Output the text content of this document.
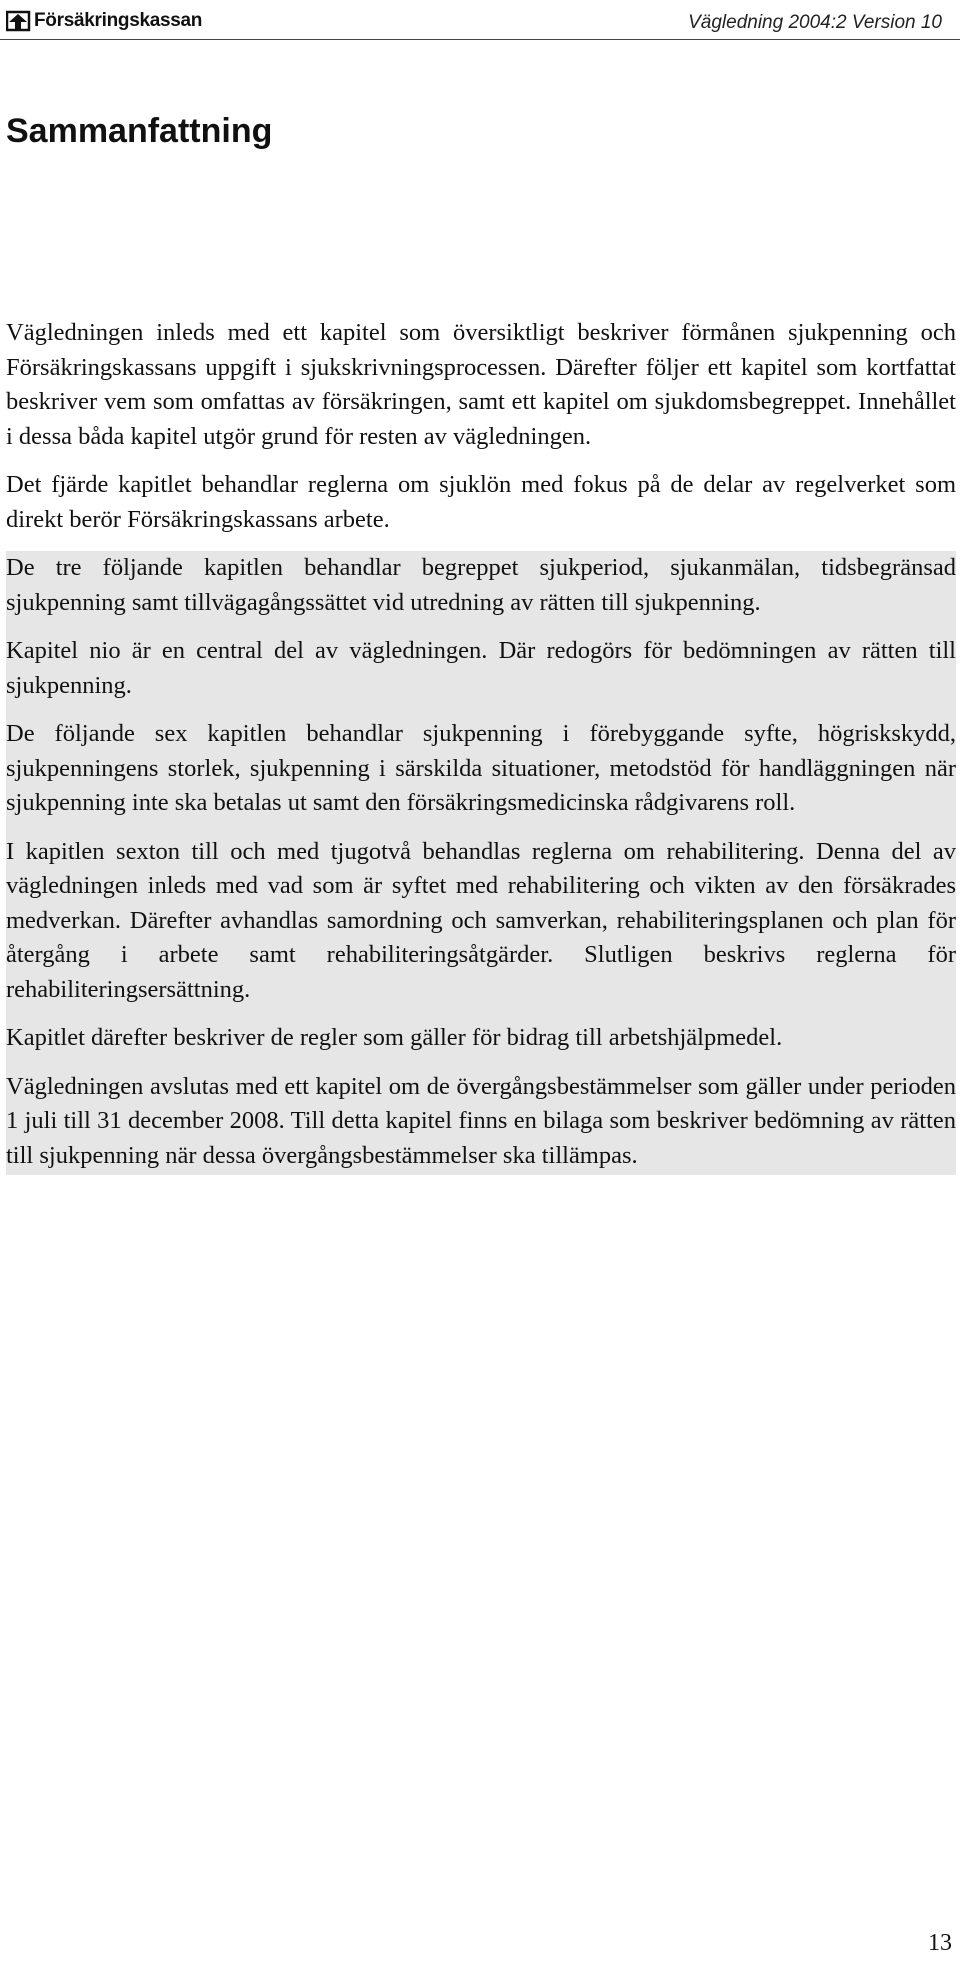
Försäkringskassan	Vägledning 2004:2 Version 10
Sammanfattning

Vägledningen inleds med ett kapitel som översiktligt beskriver förmånen sjukpenning och Försäkringskassans uppgift i sjukskrivningsprocessen. Därefter följer ett kapitel som kortfattat beskriver vem som omfattas av försäkringen, samt ett kapitel om sjukdomsbegreppet. Innehållet i dessa båda kapitel utgör grund för resten av vägledningen.

Det fjärde kapitlet behandlar reglerna om sjuklön med fokus på de delar av regelverket som direkt berör Försäkringskassans arbete.

De tre följande kapitlen behandlar begreppet sjukperiod, sjukanmälan, tidsbegränsad sjukpenning samt tillvägagångssättet vid utredning av rätten till sjukpenning.

Kapitel nio är en central del av vägledningen. Där redogörs för bedömningen av rätten till sjukpenning.

De följande sex kapitlen behandlar sjukpenning i förebyggande syfte, högriskskydd, sjukpenningens storlek, sjukpenning i särskilda situationer, metodstöd för handläggningen när sjukpenning inte ska betalas ut samt den försäkringsmedicinska rådgivarens roll.

I kapitlen sexton till och med tjugotvå behandlas reglerna om rehabilitering. Denna del av vägledningen inleds med vad som är syftet med rehabilitering och vikten av den försäkrades medverkan. Därefter avhandlas samordning och samverkan, rehabiliteringsplanen och plan för återgång i arbete samt rehabiliteringsåtgärder. Slutligen beskrivs reglerna för rehabiliteringsersättning.

Kapitlet därefter beskriver de regler som gäller för bidrag till arbetshjälpmedel.

Vägledningen avslutas med ett kapitel om de övergångsbestämmelser som gäller under perioden 1 juli till 31 december 2008. Till detta kapitel finns en bilaga som beskriver bedömning av rätten till sjukpenning när dessa övergångsbestämmelser ska tillämpas.

13
